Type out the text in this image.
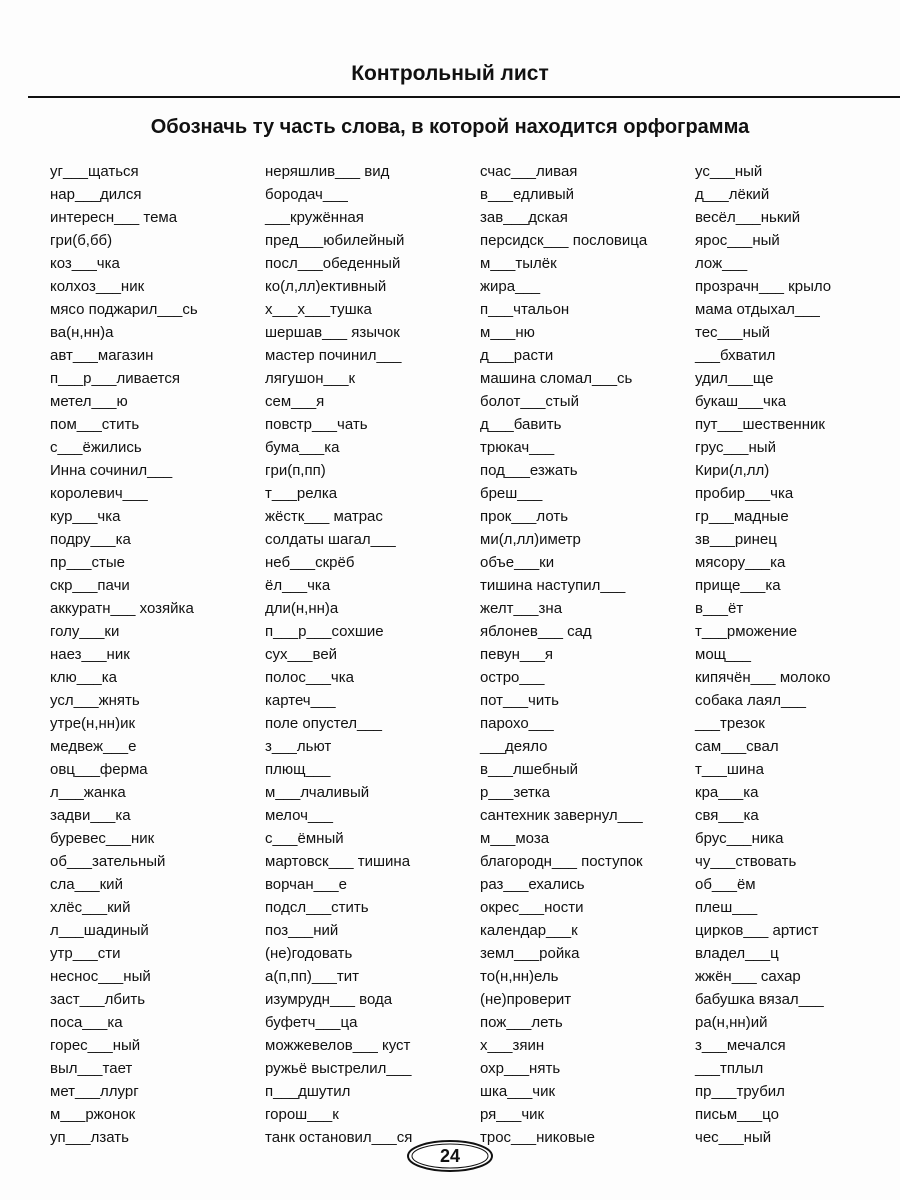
Контрольный лист
Обозначь ту часть слова, в которой находится орфограмма
уг___щаться
нар___дился
интересн___ тема
гри(б,бб)
коз___чка
колхоз___ник
мясо поджарил___сь
ва(н,нн)а
авт___магазин
п___р___ливается
метел___ю
пом___стить
с___ёжились
Инна сочинил___
королевич___
кур___чка
подру___ка
пр___стые
скр___пачи
аккуратн___ хозяйка
голу___ки
наез___ник
клю___ка
усл___жнять
утре(н,нн)ик
медвеж___е
овц___ферма
л___жанка
задви___ка
буревес___ник
об___зательный
сла___кий
хлёс___кий
л___шадиный
утр___сти
неснос___ный
заст___лбить
поса___ка
горес___ный
выл___тает
мет___ллург
м___ржонок
уп___лзать
неряшлив___ вид
бородач___
___кружённая
пред___юбилейный
посл___обеденный
ко(л,лл)ективный
х___х___тушка
шершав___ язычок
мастер починил___
лягушон___к
сем___я
повстр___чать
бума___ка
гри(п,пп)
т___релка
жёстк___ матрас
солдаты шагал___
неб___скрёб
ёл___чка
дли(н,нн)а
п___р___сохшие
сух___вей
полос___чка
картеч___
поле опустел___
з___льют
плющ___
м___лчаливый
мелоч___
с___ёмный
мартовск___ тишина
ворчан___е
подсл___стить
поз___ний
(не)годовать
а(п,пп)___тит
изумрудн___ вода
буфетч___ца
можжевелов___ куст
ружьё выстрелил___
п___дшутил
горош___к
танк остановил___ся
счас___ливая
в___едливый
зав___дская
персидск___ пословица
м___тылёк
жира___
п___чтальон
м___ню
д___расти
машина сломал___сь
болот___стый
д___бавить
трюкач___
под___езжать
бреш___
прок___лоть
ми(л,лл)иметр
объе___ки
тишина наступил___
желт___зна
яблонев___ сад
певун___я
остро___
пот___чить
парохо___
___деяло
в___лшебный
р___зетка
сантехник завернул___
м___моза
благородн___ поступок
раз___ехались
окрес___ности
календар___к
земл___ройка
то(н,нн)ель
(не)проверит
пож___леть
х___зяин
охр___нять
шка___чик
ря___чик
трос___никовые
ус___ный
д___лёкий
весёл___нький
ярос___ный
лож___
прозрачн___ крыло
мама отдыхал___
тес___ный
___бхватил
удил___ще
букаш___чка
пут___шественник
грус___ный
Кири(л,лл)
пробир___чка
гр___мадные
зв___ринец
мясору___ка
прище___ка
в___ёт
т___рможение
мощ___
кипячён___ молоко
собака лаял___
___трезок
сам___свал
т___шина
кра___ка
свя___ка
брус___ника
чу___ствовать
об___ём
плеш___
цирков___ артист
владел___ц
жжён___ сахар
бабушка вязал___
ра(н,нн)ий
з___мечался
___тплыл
пр___трубил
письм___цо
чес___ный
24
